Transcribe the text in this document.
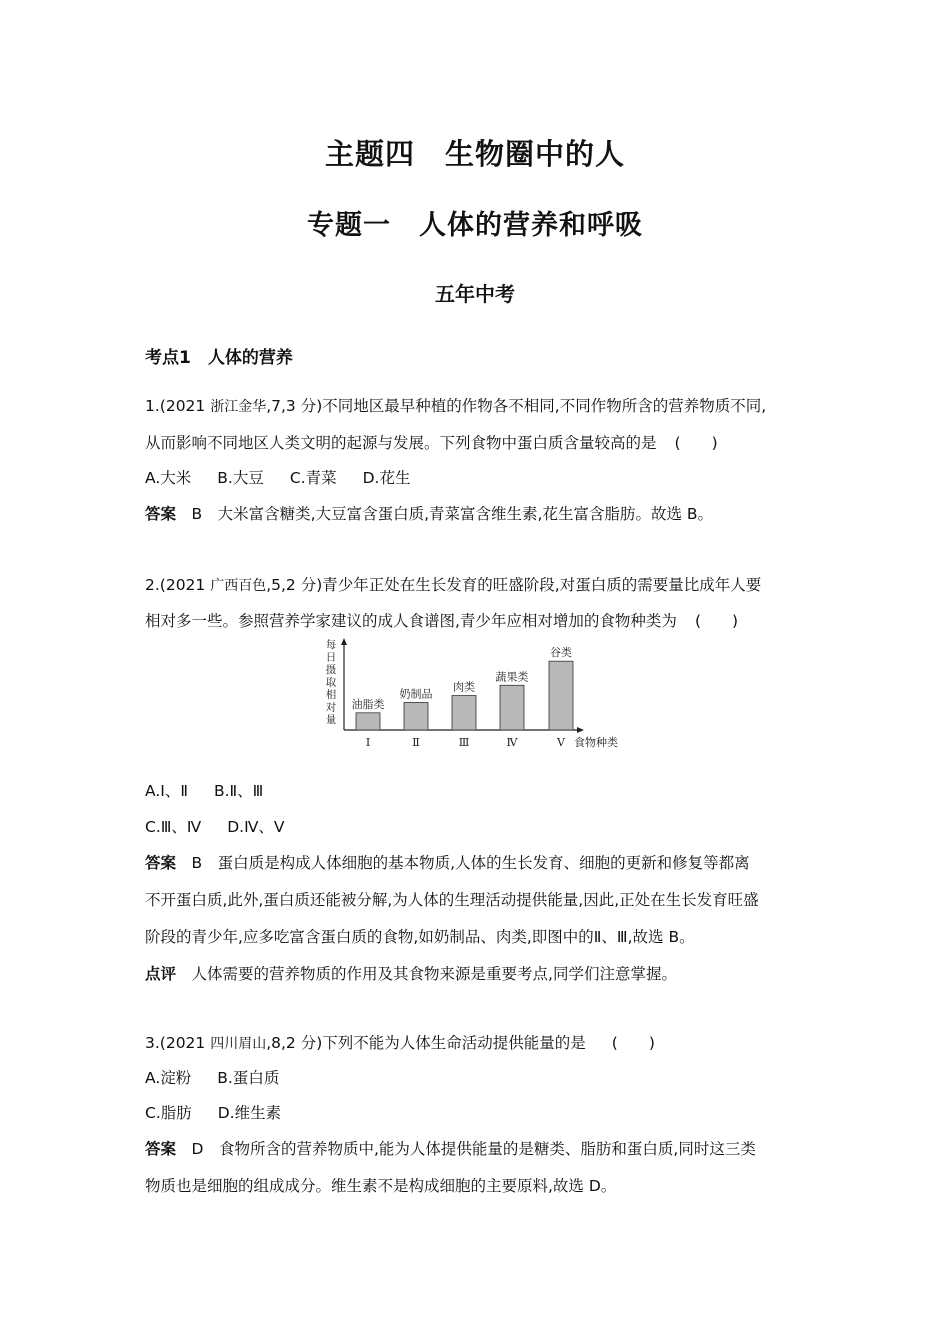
主题四　生物圈中的人
专题一　人体的营养和呼吸
五年中考
考点1　人体的营养
1.(2021 浙江金华,7,3 分)不同地区最早种植的作物各不相同,不同作物所含的营养物质不同,
从而影响不同地区人类文明的起源与发展。下列食物中蛋白质含量较高的是 (　　)
A.大米 B.大豆 C.青菜 D.花生
答案　 B　大米富含糖类,大豆富含蛋白质,青菜富含维生素,花生富含脂肪。故选 B。
2.(2021 广西百色,5,2 分)青少年正处在生长发育的旺盛阶段,对蛋白质的需要量比成年人要
相对多一些。参照营养学家建议的成人食谱图,青少年应相对增加的食物种类为 (　　)
每
日
摄
取
相
对
量
油脂类
Ⅰ
奶制品
Ⅱ
肉类
Ⅲ
蔬果类
Ⅳ
谷类
Ⅴ 食物种类
A.Ⅰ、Ⅱ B.Ⅱ、Ⅲ
C.Ⅲ、Ⅳ D.Ⅳ、Ⅴ
答案　 B　蛋白质是构成人体细胞的基本物质,人体的生长发育、细胞的更新和修复等都离
不开蛋白质,此外,蛋白质还能被分解,为人体的生理活动提供能量,因此,正处在生长发育旺盛
阶段的青少年,应多吃富含蛋白质的食物,如奶制品、肉类,即图中的Ⅱ、Ⅲ,故选 B。
点评　 人体需要的营养物质的作用及其食物来源是重要考点,同学们注意掌握。
3.(2021 四川眉山,8,2 分)下列不能为人体生命活动提供能量的是 (　　)
A.淀粉 B.蛋白质
C.脂肪 D.维生素
答案　 D　食物所含的营养物质中,能为人体提供能量的是糖类、脂肪和蛋白质,同时这三类
物质也是细胞的组成成分。维生素不是构成细胞的主要原料,故选 D。
